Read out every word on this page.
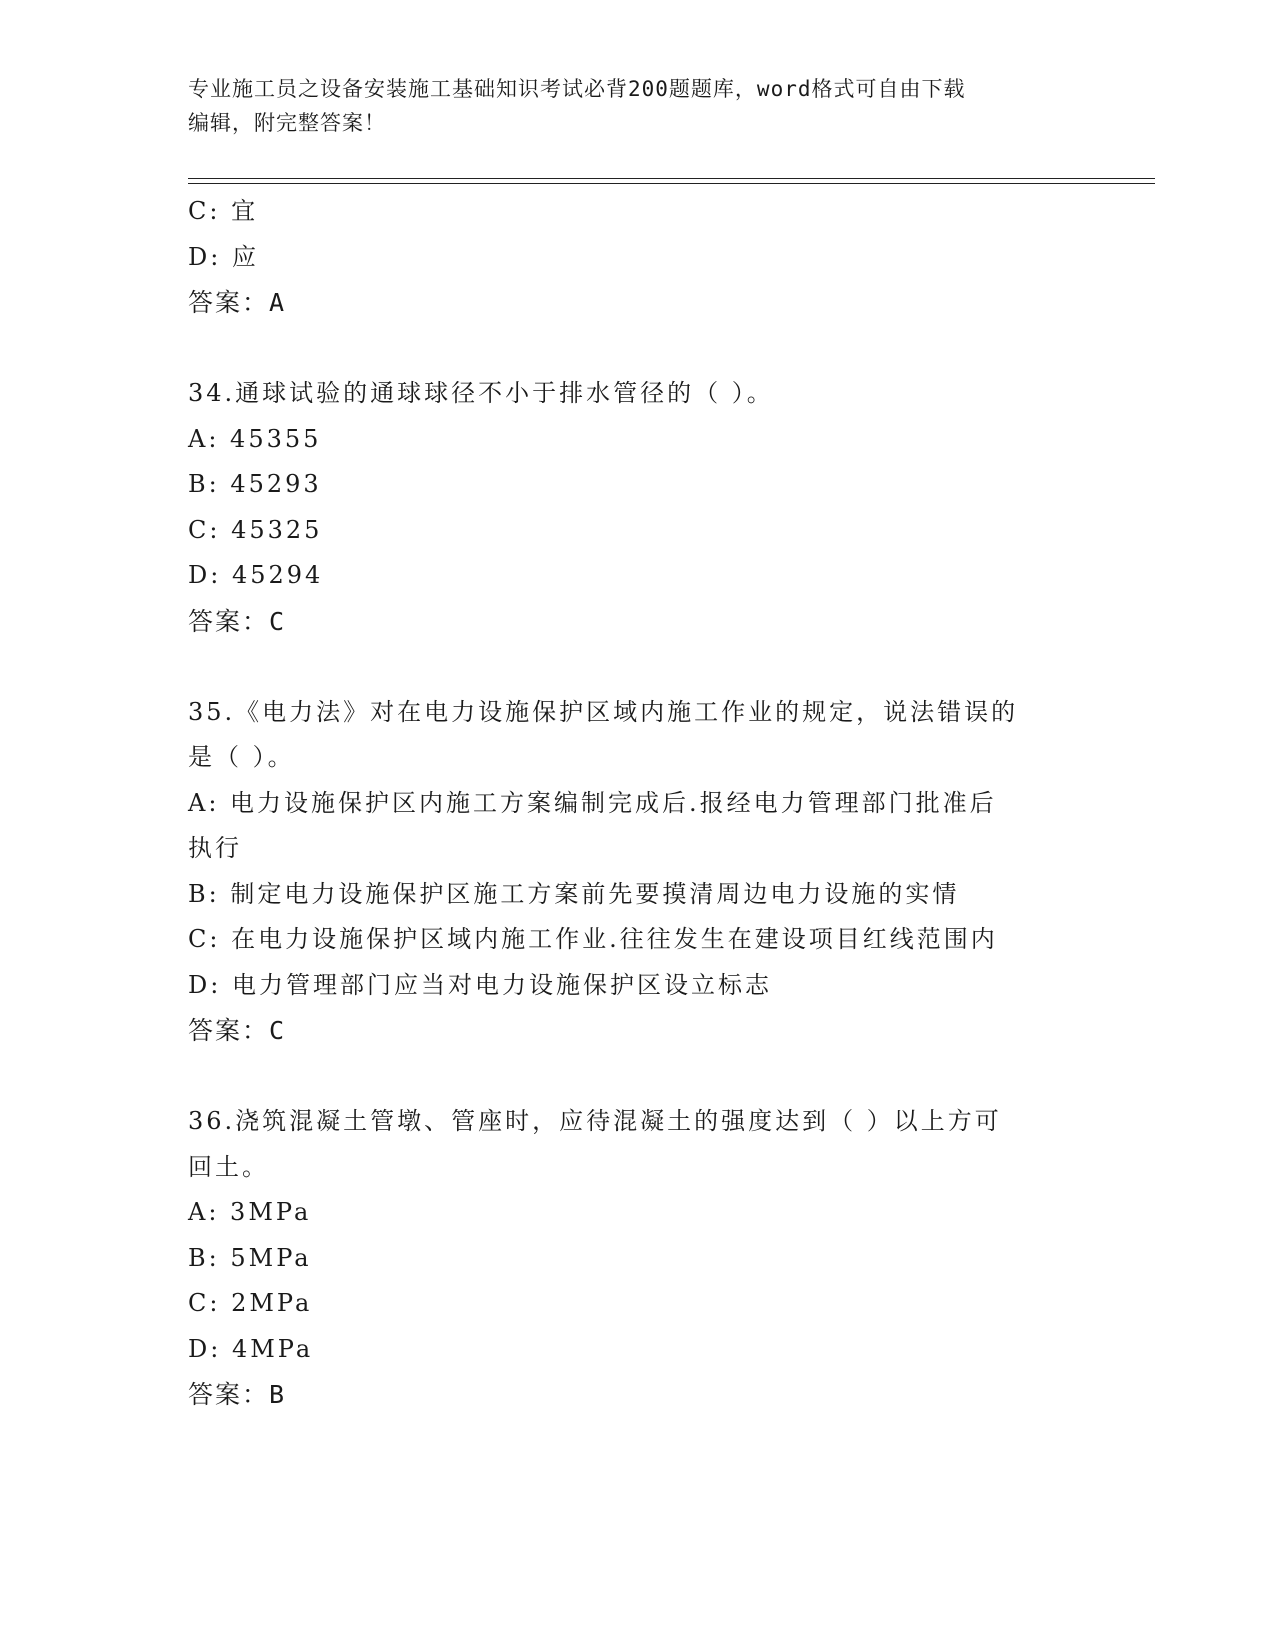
专业施工员之设备安装施工基础知识考试必背200题题库，word格式可自由下载
编辑，附完整答案！
C: 宜
D: 应
答案：A
34.通球试验的通球球径不小于排水管径的（ ）。
A: 45355
B: 45293
C: 45325
D: 45294
答案：C
35.《电力法》对在电力设施保护区域内施工作业的规定，说法错误的
是（ ）。
A: 电力设施保护区内施工方案编制完成后.报经电力管理部门批准后
执行
B: 制定电力设施保护区施工方案前先要摸清周边电力设施的实情
C: 在电力设施保护区域内施工作业.往往发生在建设项目红线范围内
D: 电力管理部门应当对电力设施保护区设立标志
答案：C
36.浇筑混凝土管墩、管座时，应待混凝土的强度达到（ ）以上方可
回土。
A: 3MPa
B: 5MPa
C: 2MPa
D: 4MPa
答案：B
